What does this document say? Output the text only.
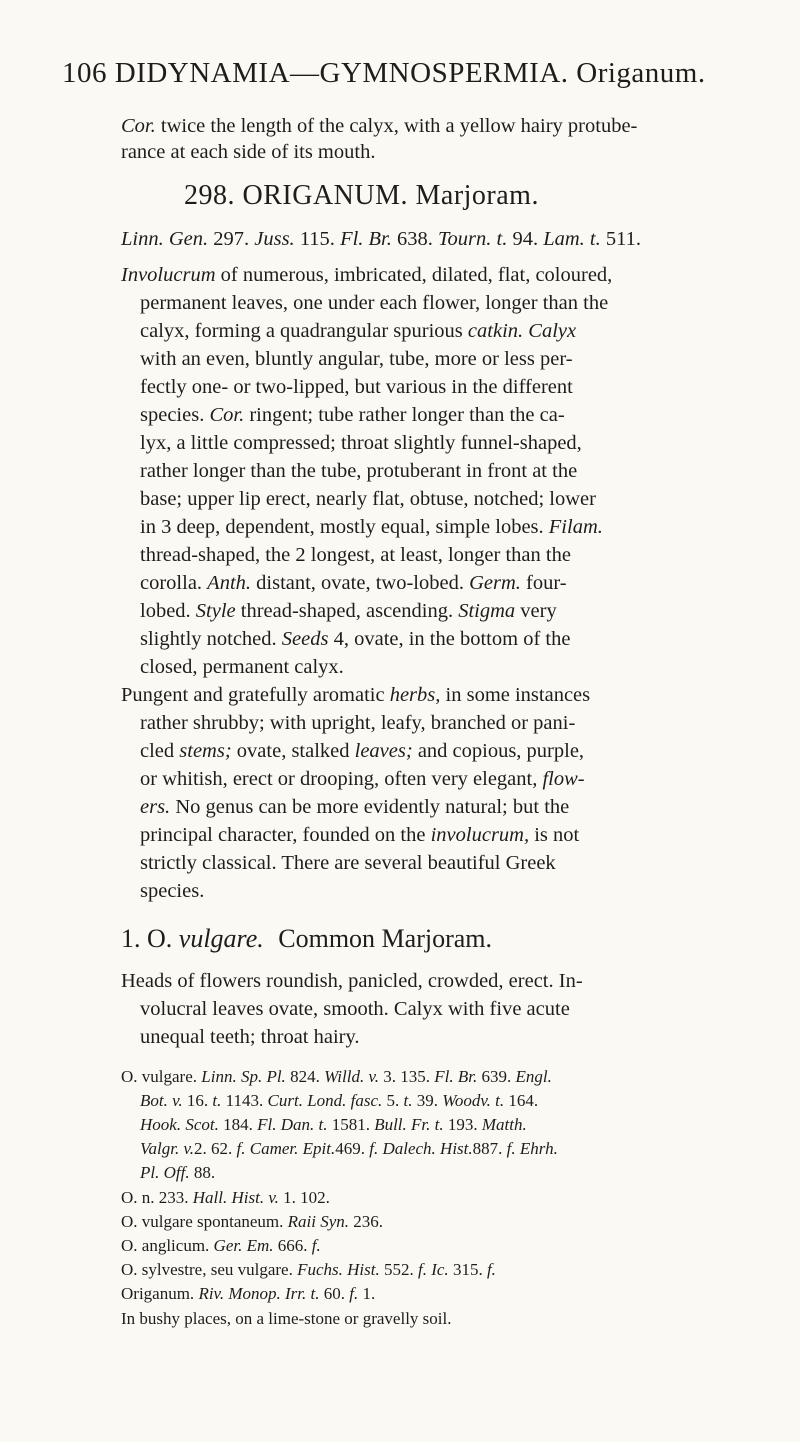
106 DIDYNAMIA—GYMNOSPERMIA. Origanum.
Cor. twice the length of the calyx, with a yellow hairy protube-
rance at each side of its mouth.
298. ORIGANUM. Marjoram.
Linn. Gen. 297. Juss. 115. Fl. Br. 638. Tourn. t. 94. Lam. t. 511.
Involucrum of numerous, imbricated, dilated, flat, coloured,
permanent leaves, one under each flower, longer than the
calyx, forming a quadrangular spurious catkin. Calyx
with an even, bluntly angular, tube, more or less per-
fectly one- or two-lipped, but various in the different
species. Cor. ringent; tube rather longer than the ca-
lyx, a little compressed; throat slightly funnel-shaped,
rather longer than the tube, protuberant in front at the
base; upper lip erect, nearly flat, obtuse, notched; lower
in 3 deep, dependent, mostly equal, simple lobes. Filam.
thread-shaped, the 2 longest, at least, longer than the
corolla. Anth. distant, ovate, two-lobed. Germ. four-
lobed. Style thread-shaped, ascending. Stigma very
slightly notched. Seeds 4, ovate, in the bottom of the
closed, permanent calyx.
Pungent and gratefully aromatic herbs, in some instances
rather shrubby; with upright, leafy, branched or pani-
cled stems; ovate, stalked leaves; and copious, purple,
or whitish, erect or drooping, often very elegant, flow-
ers. No genus can be more evidently natural; but the
principal character, founded on the involucrum, is not
strictly classical. There are several beautiful Greek
species.
1. O. vulgare. Common Marjoram.
Heads of flowers roundish, panicled, crowded, erect. In-
volucral leaves ovate, smooth. Calyx with five acute
unequal teeth; throat hairy.
O. vulgare. Linn. Sp. Pl. 824. Willd. v. 3. 135. Fl. Br. 639. Engl.
Bot. v. 16. t. 1143. Curt. Lond. fasc. 5. t. 39. Woodv. t. 164.
Hook. Scot. 184. Fl. Dan. t. 1581. Bull. Fr. t. 193. Matth.
Valgr. v.2. 62. f. Camer. Epit.469. f. Dalech. Hist.887. f. Ehrh.
Pl. Off. 88.
O. n. 233. Hall. Hist. v. 1. 102.
O. vulgare spontaneum. Raii Syn. 236.
O. anglicum. Ger. Em. 666. f.
O. sylvestre, seu vulgare. Fuchs. Hist. 552. f. Ic. 315. f.
Origanum. Riv. Monop. Irr. t. 60. f. 1.
In bushy places, on a lime-stone or gravelly soil.
